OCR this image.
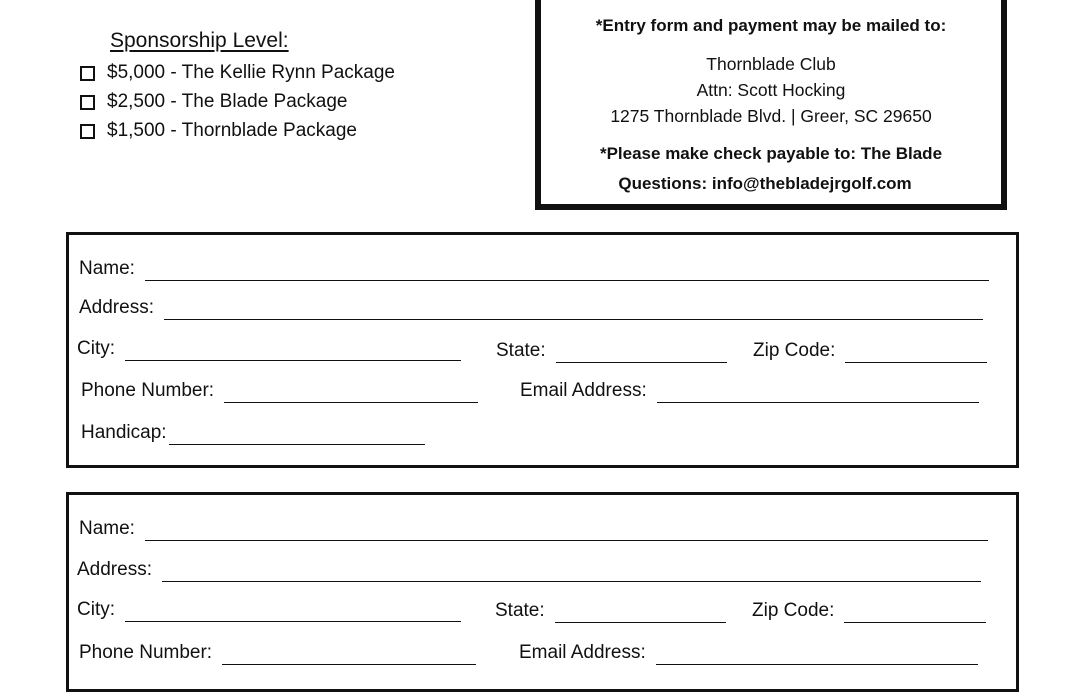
Sponsorship Level:
$5,000 - The Kellie Rynn Package
$2,500 - The Blade Package
$1,500 - Thornblade Package
*Entry form and payment may be mailed to:
Thornblade Club
Attn: Scott Hocking
1275 Thornblade Blvd. | Greer, SC 29650
*Please make check payable to: The Blade
Questions: info@thebladejrgolf.com
Name:
Address:
City:	State:	Zip Code:
Phone Number:	Email Address:
Handicap:
Name:
Address:
City:	State:	Zip Code:
Phone Number:	Email Address:
